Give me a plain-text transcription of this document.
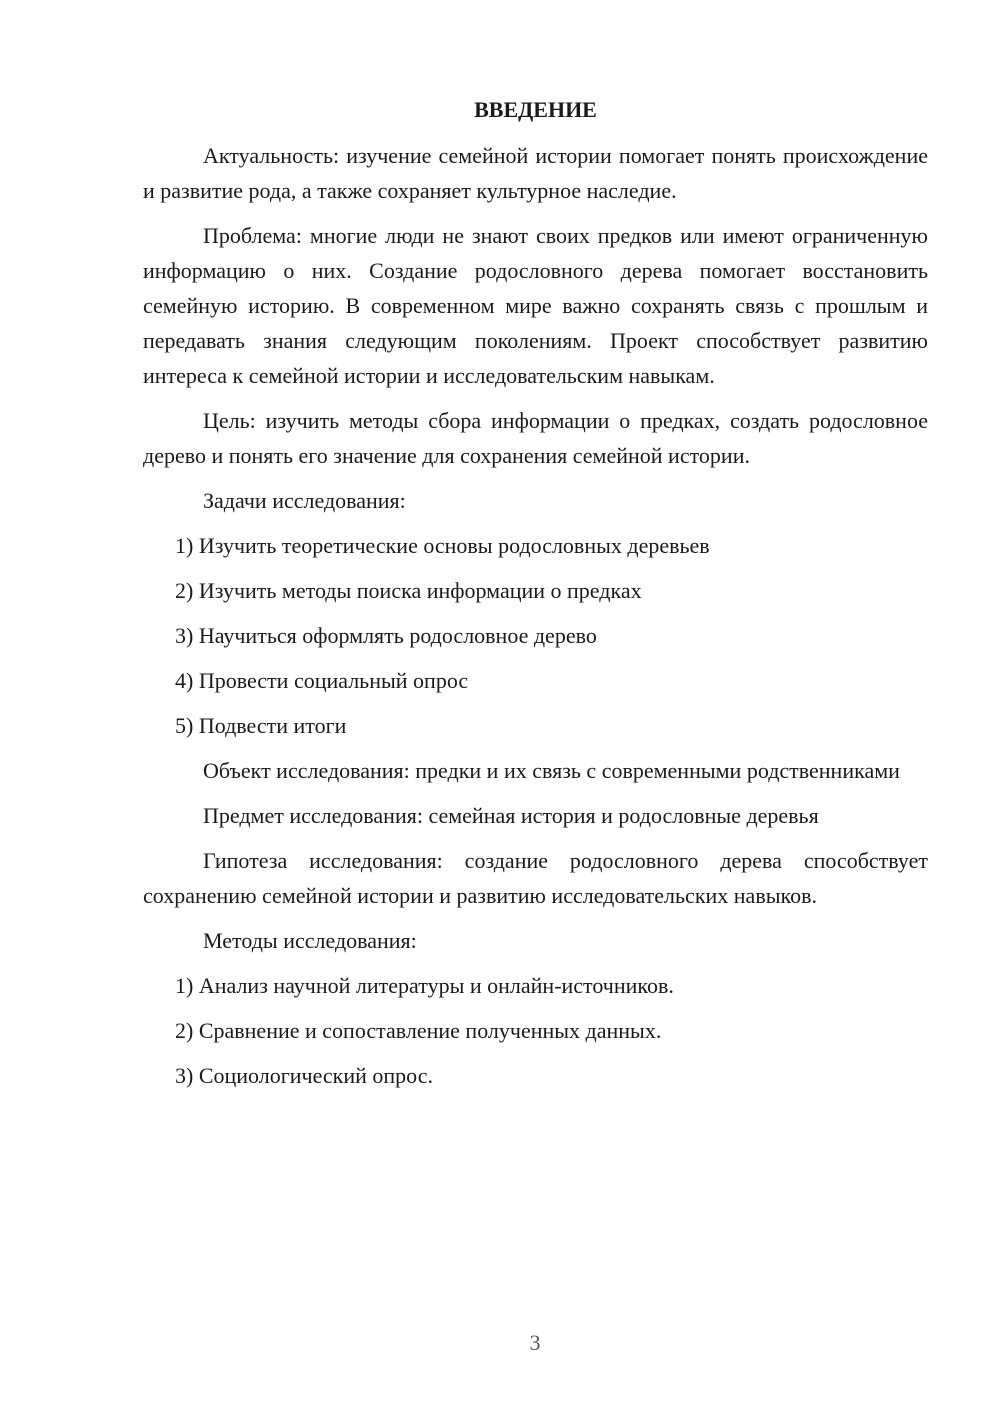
ВВЕДЕНИЕ

Актуальность: изучение семейной истории помогает понять происхождение и развитие рода, а также сохраняет культурное наследие.

Проблема: многие люди не знают своих предков или имеют ограниченную информацию о них. Создание родословного дерева помогает восстановить семейную историю. В современном мире важно сохранять связь с прошлым и передавать знания следующим поколениям. Проект способствует развитию интереса к семейной истории и исследовательским навыкам.

Цель: изучить методы сбора информации о предках, создать родословное дерево и понять его значение для сохранения семейной истории.

Задачи исследования:

1) Изучить теоретические основы родословных деревьев

2) Изучить методы поиска информации о предках

3) Научиться оформлять родословное дерево

4) Провести социальный опрос

5) Подвести итоги

Объект исследования: предки и их связь с современными родственниками

Предмет исследования: семейная история и родословные деревья

Гипотеза исследования: создание родословного дерева способствует сохранению семейной истории и развитию исследовательских навыков.

Методы исследования:

1) Анализ научной литературы и онлайн-источников.

2) Сравнение и сопоставление полученных данных.

3) Социологический опрос.

3
